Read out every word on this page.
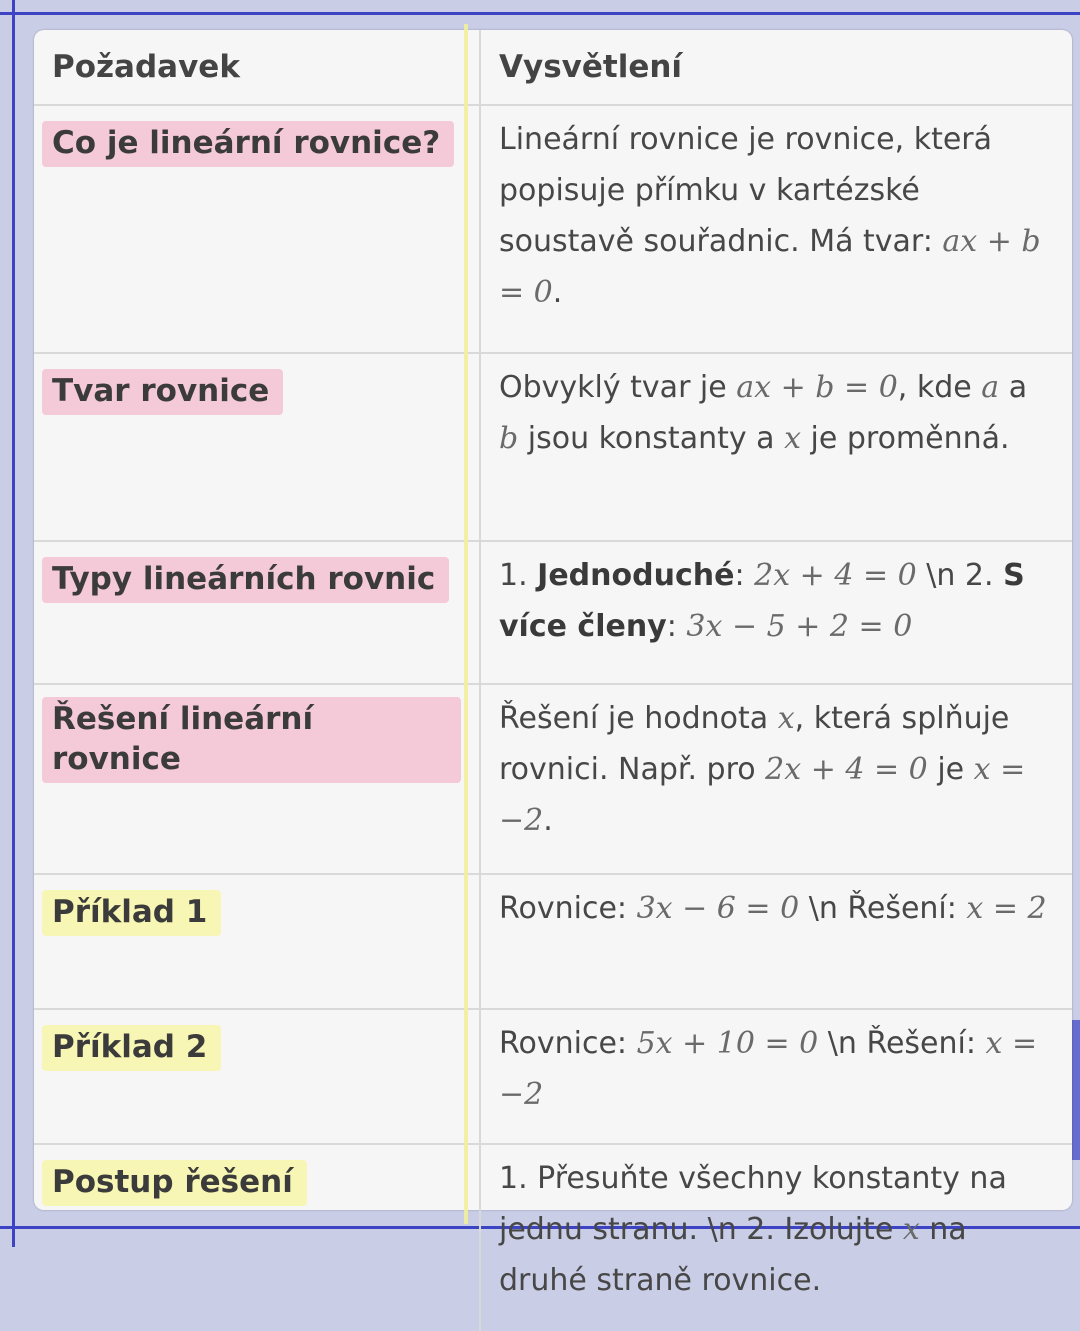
Požadavek	Vysvětlení
Co je lineární rovnice?	Lineární rovnice je rovnice, která popisuje přímku v kartézské soustavě souřadnic. Má tvar: ax + b = 0.
Tvar rovnice	Obvyklý tvar je ax + b = 0, kde a a b jsou konstanty a x je proměnná.
Typy lineárních rovnic	1. Jednoduché: 2x + 4 = 0 \n 2. S více členy: 3x − 5 + 2 = 0
Řešení lineární rovnice	Řešení je hodnota x, která splňuje rovnici. Např. pro 2x + 4 = 0 je x = −2.
Příklad 1	Rovnice: 3x − 6 = 0 \n Řešení: x = 2
Příklad 2	Rovnice: 5x + 10 = 0 \n Řešení: x = −2
Postup řešení	1. Přesuňte všechny konstanty na jednu stranu. \n 2. Izolujte x na druhé straně rovnice.
